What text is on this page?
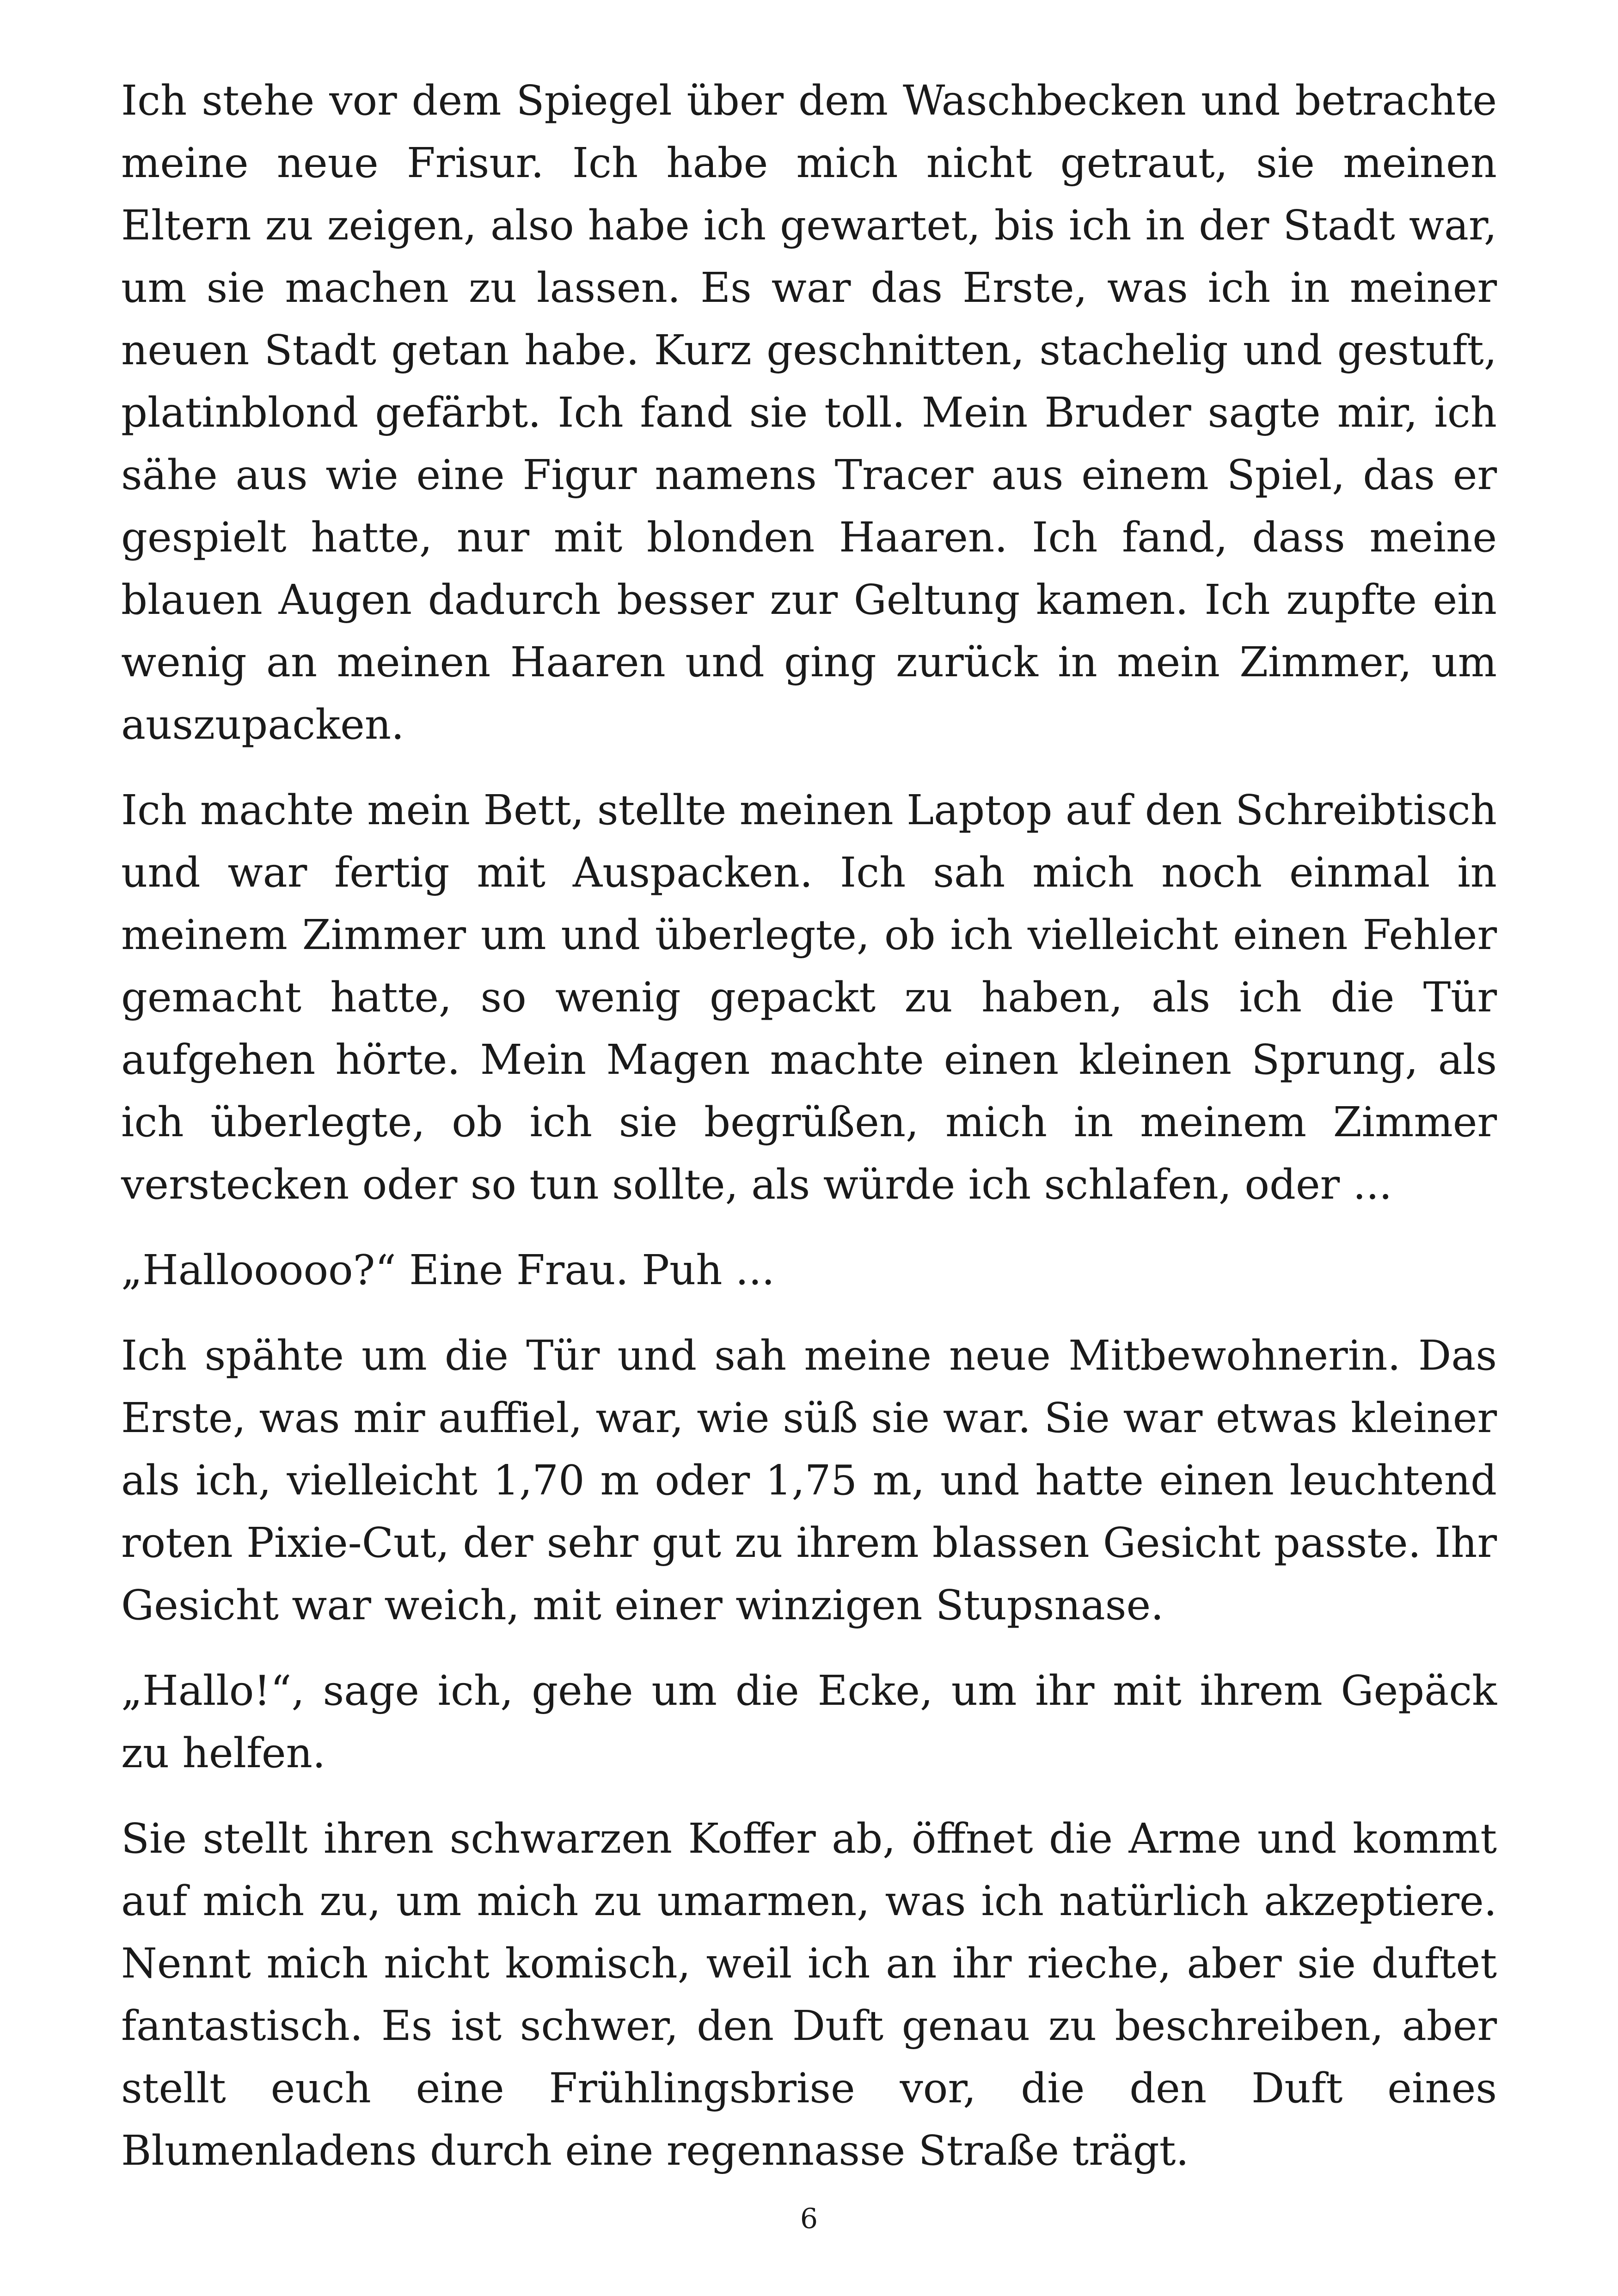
Ich stehe vor dem Spiegel über dem Waschbecken und betrachte meine neue Frisur. Ich habe mich nicht getraut, sie meinen Eltern zu zeigen, also habe ich gewartet, bis ich in der Stadt war, um sie machen zu lassen. Es war das Erste, was ich in meiner neuen Stadt getan habe. Kurz geschnitten, stachelig und gestuft, platinblond gefärbt. Ich fand sie toll. Mein Bruder sagte mir, ich sähe aus wie eine Figur namens Tracer aus einem Spiel, das er gespielt hatte, nur mit blonden Haaren. Ich fand, dass meine blauen Augen dadurch besser zur Geltung kamen. Ich zupfte ein wenig an meinen Haaren und ging zurück in mein Zimmer, um auszupacken.

Ich machte mein Bett, stellte meinen Laptop auf den Schreibtisch und war fertig mit Auspacken. Ich sah mich noch einmal in meinem Zimmer um und überlegte, ob ich vielleicht einen Fehler gemacht hatte, so wenig gepackt zu haben, als ich die Tür aufgehen hörte. Mein Magen machte einen kleinen Sprung, als ich überlegte, ob ich sie begrüßen, mich in meinem Zimmer verstecken oder so tun sollte, als würde ich schlafen, oder ...

„Hallooooo?“ Eine Frau. Puh ...

Ich spähte um die Tür und sah meine neue Mitbewohnerin. Das Erste, was mir auffiel, war, wie süß sie war. Sie war etwas kleiner als ich, vielleicht 1,70 m oder 1,75 m, und hatte einen leuchtend roten Pixie-Cut, der sehr gut zu ihrem blassen Gesicht passte. Ihr Gesicht war weich, mit einer winzigen Stupsnase.

„Hallo!“, sage ich, gehe um die Ecke, um ihr mit ihrem Gepäck zu helfen.

Sie stellt ihren schwarzen Koffer ab, öffnet die Arme und kommt auf mich zu, um mich zu umarmen, was ich natürlich akzeptiere. Nennt mich nicht komisch, weil ich an ihr rieche, aber sie duftet fantastisch. Es ist schwer, den Duft genau zu beschreiben, aber stellt euch eine Frühlingsbrise vor, die den Duft eines Blumenladens durch eine regennasse Straße trägt.

6
